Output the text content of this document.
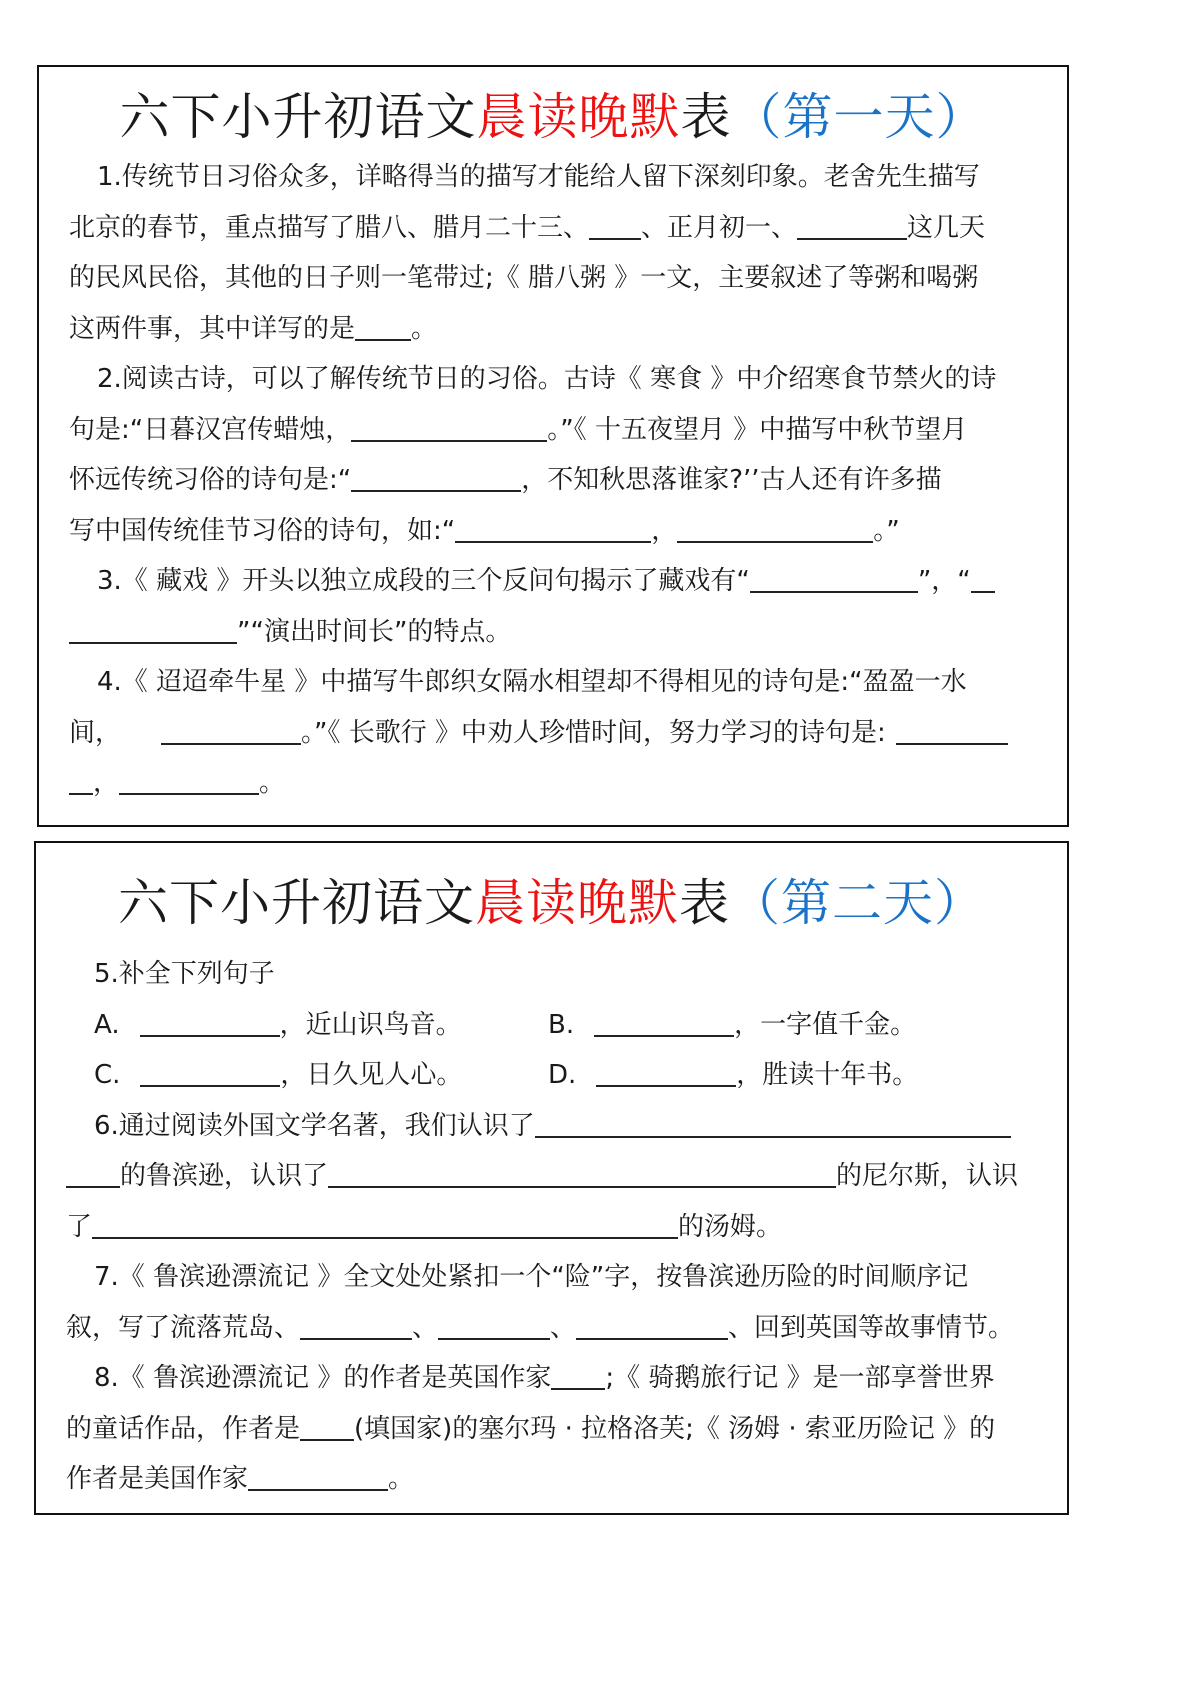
六下小升初语文晨读晚默表（第一天）
1.传统节日习俗众多，详略得当的描写才能给人留下深刻印象。老舍先生描写
北京的春节，重点描写了腊八、腊月二十三、 、正月初一、	这几天
的民风民俗，其他的日子则一笔带过;《 腊八粥 》一文，主要叙述了等粥和喝粥
这两件事，其中详写的是 。
2.阅读古诗，可以了解传统节日的习俗。古诗《 寒食 》中介绍寒食节禁火的诗
句是:“日暮汉宫传蜡烛，	。”《 十五夜望月 》中描写中秋节望月
怀远传统习俗的诗句是:“	，不知秋思落谁家?’’古人还有许多描
写中国传统佳节习俗的诗句，如:“	，	。”
3.《 藏戏 》开头以独立成段的三个反问句揭示了藏戏有“	”，“
”“演出时间长”的特点。
4.《 迢迢牵牛星 》中描写牛郎织女隔水相望却不得相见的诗句是:“盈盈一水
间，	。”《 长歌行 》中劝人珍惜时间，努力学习的诗句是:
，	。
六下小升初语文晨读晚默表（第二天）
5.补全下列句子
A.	，近山识鸟音。	B.	，一字值千金。
C.	，日久见人心。	D.	，胜读十年书。
6.通过阅读外国文学名著，我们认识了
的鲁滨逊，认识了	的尼尔斯，认识
了	的汤姆。
7.《 鲁滨逊漂流记 》全文处处紧扣一个“险”字，按鲁滨逊历险的时间顺序记
叙，写了流落荒岛、	、	、	、回到英国等故事情节。
8.《 鲁滨逊漂流记 》的作者是英国作家 ;《 骑鹅旅行记 》是一部享誉世界
的童话作品，作者是 (填国家)的塞尔玛 · 拉格洛芙;《 汤姆 · 索亚历险记 》的
作者是美国作家	。
